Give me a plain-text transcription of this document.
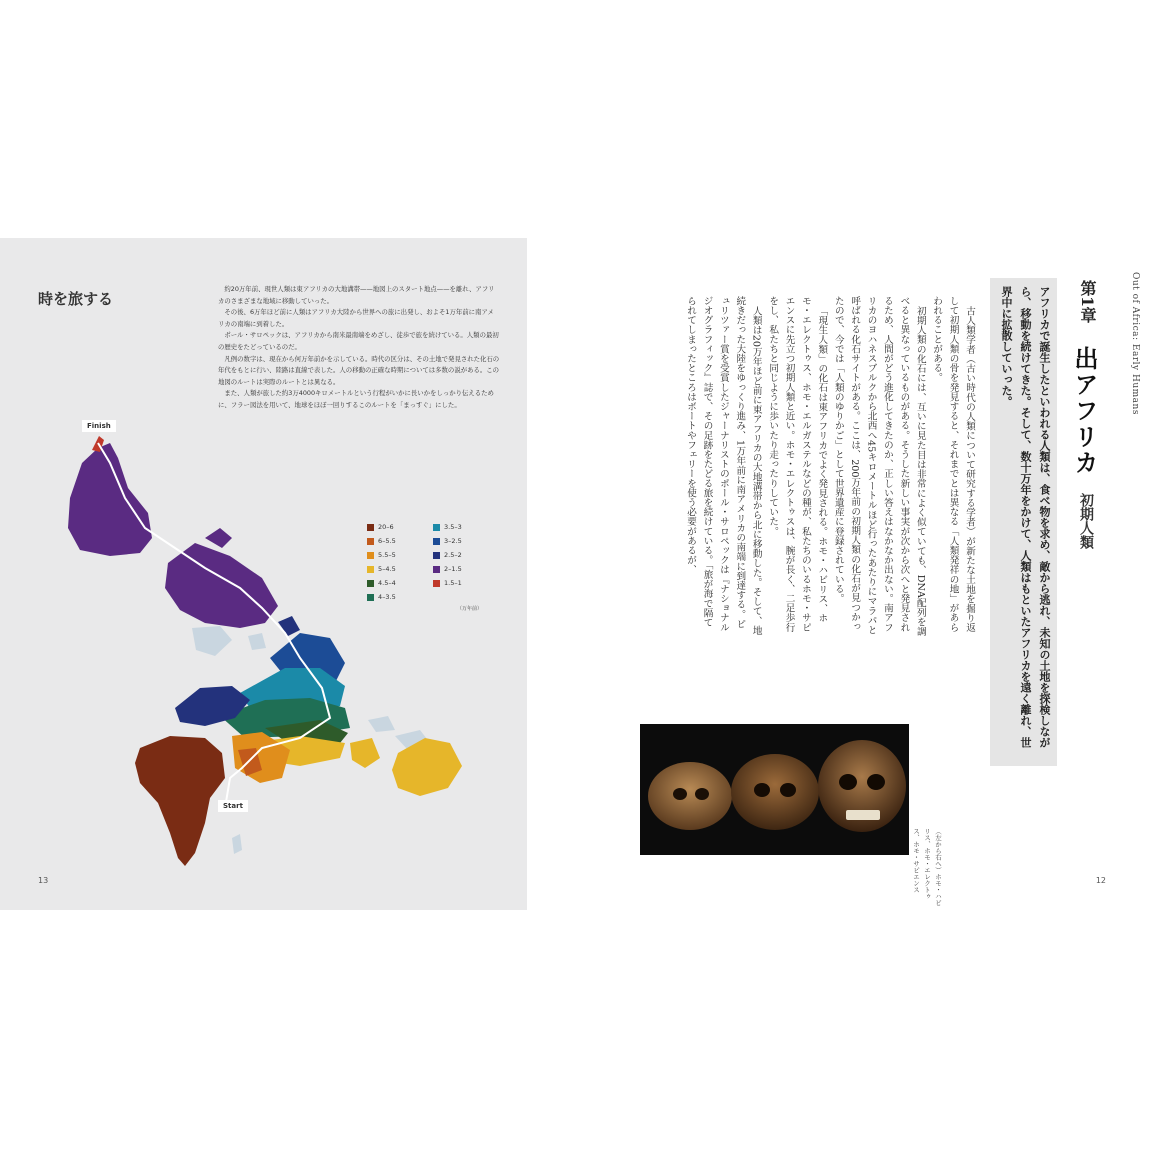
時を旅する

約20万年前、現世人類は東アフリカの大地溝帯——地図上のスタート地点——を離れ、アフリカのさまざまな地域に移動していった。

その後、6万年ほど前に人類はアフリカ大陸から世界への旅に出発し、およそ1万年前に南アメリカの南端に到着した。

ポール・サロペックは、アフリカから南米最南端をめざし、徒歩で旅を続けている。人類の最初の歴史をたどっているのだ。

凡例の数字は、現在から何万年前かを示している。時代の区分は、その土地で発見された化石の年代をもとに行い、陸路は直線で表した。人の移動の正確な時期については多数の説がある。この地図のルートは実際のルートとは異なる。

また、人類が旅した約3万4000キロメートルという行程がいかに長いかをしっかり伝えるために、フラー図法を用いて、地球をほぼ一回りするこのルートを「まっすぐ」にした。

20–6
6–5.5
5.5–5
5–4.5
4.5–4
4–3.5
3.5–3
3–2.5
2.5–2
2–1.5
1.5–1
（万年前）
Finish
Start
13
Out of Africa: Early Humans
第1章
出アフリカ
初期人類
アフリカで誕生したといわれる人類は、食べ物を求め、敵から逃れ、未知の土地を探検しながら、移動を続けてきた。そして、数十万年をかけて、人類はもといたアフリカを遠く離れ、世界中に拡散していった。

古人類学者（古い時代の人類について研究する学者）が新たな土地を掘り返して初期人類の骨を発見すると、それまでとは異なる「人類発祥の地」があらわれることがある。

初期人類の化石には、互いに見た目は非常によく似ていても、DNA配列を調べると異なっているものがある。そうした新しい事実が次から次へと発見されるため、人間がどう進化してきたのか、正しい答えはなかなか出ない。南アフリカのヨハネスブルクから北西へ45キロメートルほど行ったあたりにマラパと呼ばれる化石サイトがある。ここは、200万年前の初期人類の化石が見つかったので、今では「人類のゆりかご」として世界遺産に登録されている。

「現生人類」の化石は東アフリカでよく発見される。ホモ・ハビリス、ホモ・エレクトゥス、ホモ・エルガステルなどの種が、私たちのいるホモ・サピエンスに先立つ初期人類と近い。ホモ・エレクトゥスは、腕が長く、二足歩行をし、私たちと同じように歩いたり走ったりしていた。

人類は20万年ほど前に東アフリカの大地溝帯から北に移動した。そして、地続きだった大陸をゆっくり進み、1万年前に南アメリカの南端に到達する。ピュリツァー賞を受賞したジャーナリストのポール・サロペックは『ナショナルジオグラフィック』誌で、その足跡をたどる旅を続けている。「旅が海で隔てられてしまったところはボートやフェリーを使う必要があるが、

（左から右へ）ホモ・ハビリス、ホモ・エレクトゥス、ホモ・サピエンス	12
